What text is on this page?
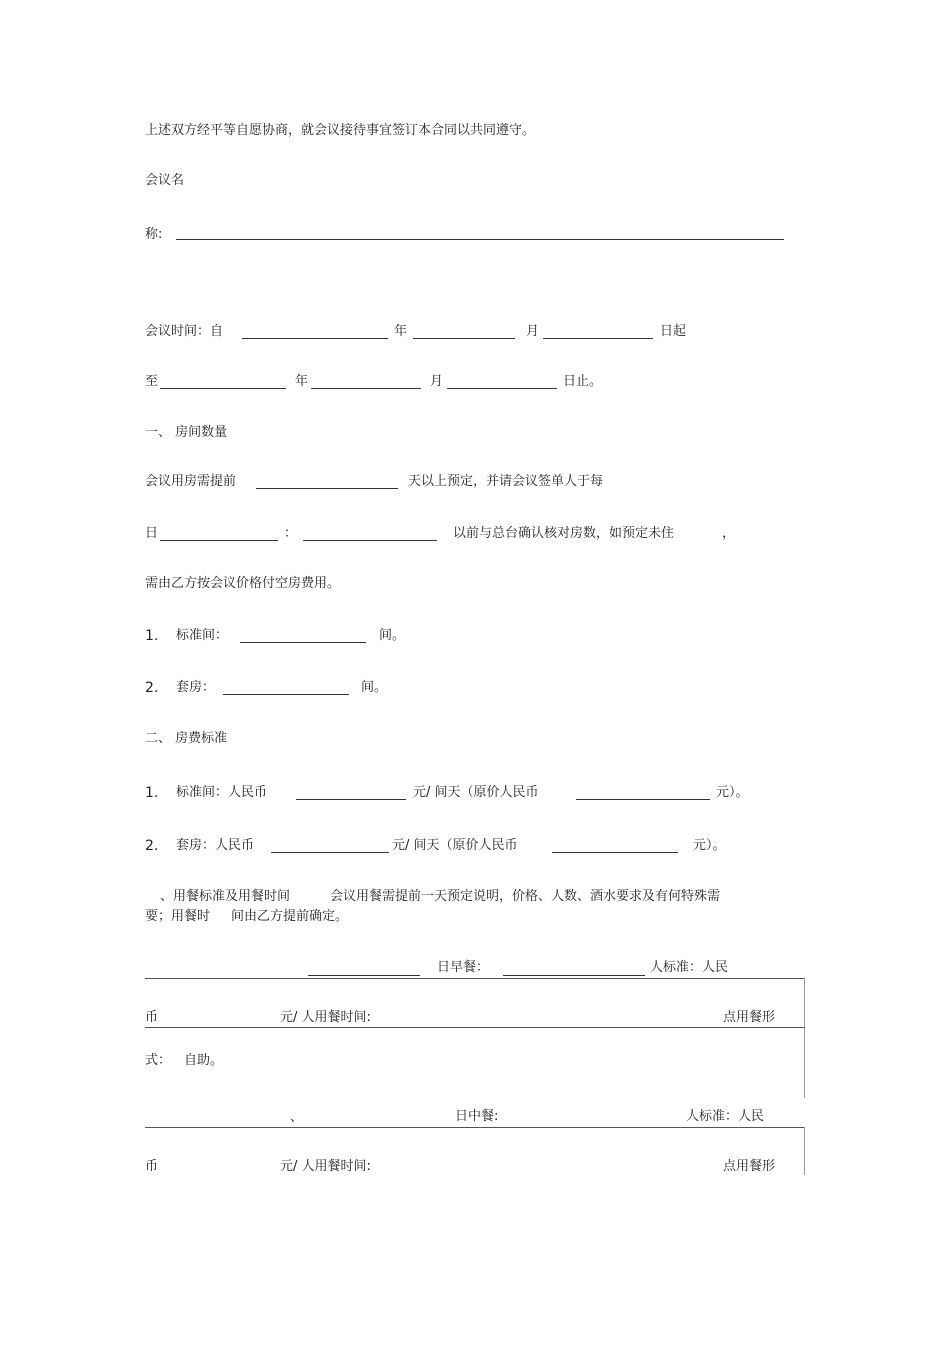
上述双方经平等自愿协商，就会议接待事宜签订本合同以共同遵守。
会议名
称:
会议时间：自	年	月	日起
至	年	月	日止。
一、 房间数量
会议用房需提前	天以上预定，并请会议签单人于每
日	：	以前与总台确认核对房数，如预定未住	，
需由乙方按会议价格付空房费用。
1. 标准间：	间。
2. 套房：	间。
二、 房费标准
1. 标准间：人民币	元/ 间天（原价人民币	元）。
2. 套房：人民币	元/ 间天（原价人民币	元）。
、用餐标准及用餐时间	会议用餐需提前一天预定说明，价格、人数、酒水要求及有何特殊需
要；用餐时 间由乙方提前确定。
日早餐：	人标准：人民
币	元/ 人用餐时间:	点用餐形
式： 自助。
、	日中餐:	人标准：人民
币	元/ 人用餐时间:	点用餐形
